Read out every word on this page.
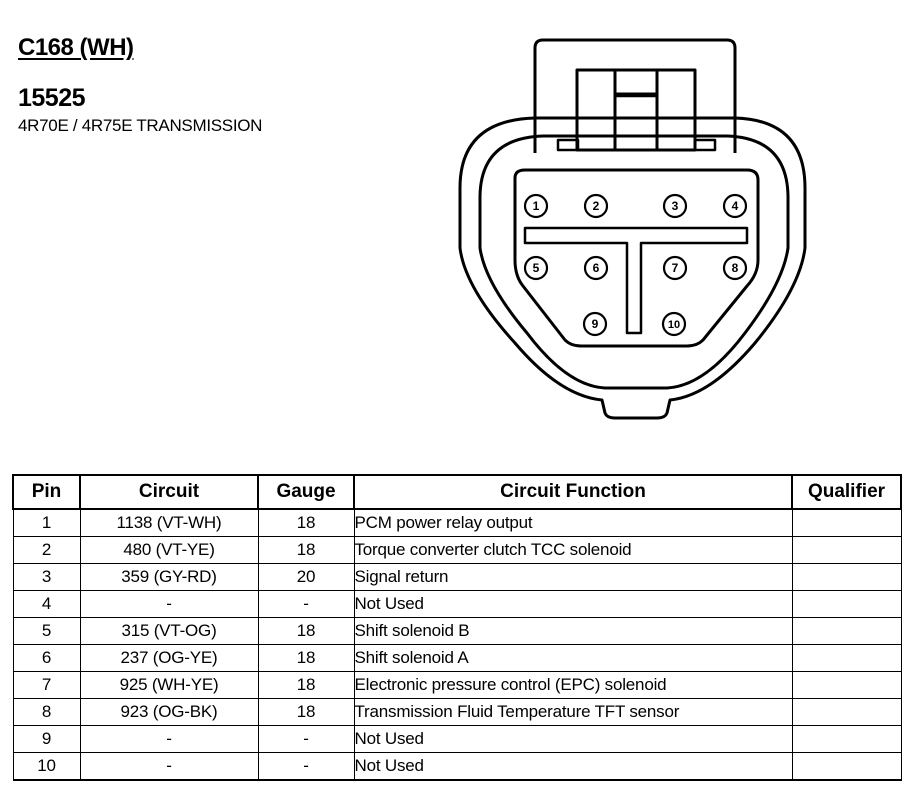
C168 (WH)
15525
4R70E / 4R75E TRANSMISSION
1	2	3	4
5	6	7	8
9	10
Pin	Circuit	Gauge	Circuit Function	Qualifier
1	1138 (VT-WH)	18	PCM power relay output	
2	480 (VT-YE)	18	Torque converter clutch TCC solenoid	
3	359 (GY-RD)	20	Signal return	
4	-	-	Not Used	
5	315 (VT-OG)	18	Shift solenoid B	
6	237 (OG-YE)	18	Shift solenoid A	
7	925 (WH-YE)	18	Electronic pressure control (EPC) solenoid	
8	923 (OG-BK)	18	Transmission Fluid Temperature TFT sensor	
9	-	-	Not Used	
10	-	-	Not Used	
